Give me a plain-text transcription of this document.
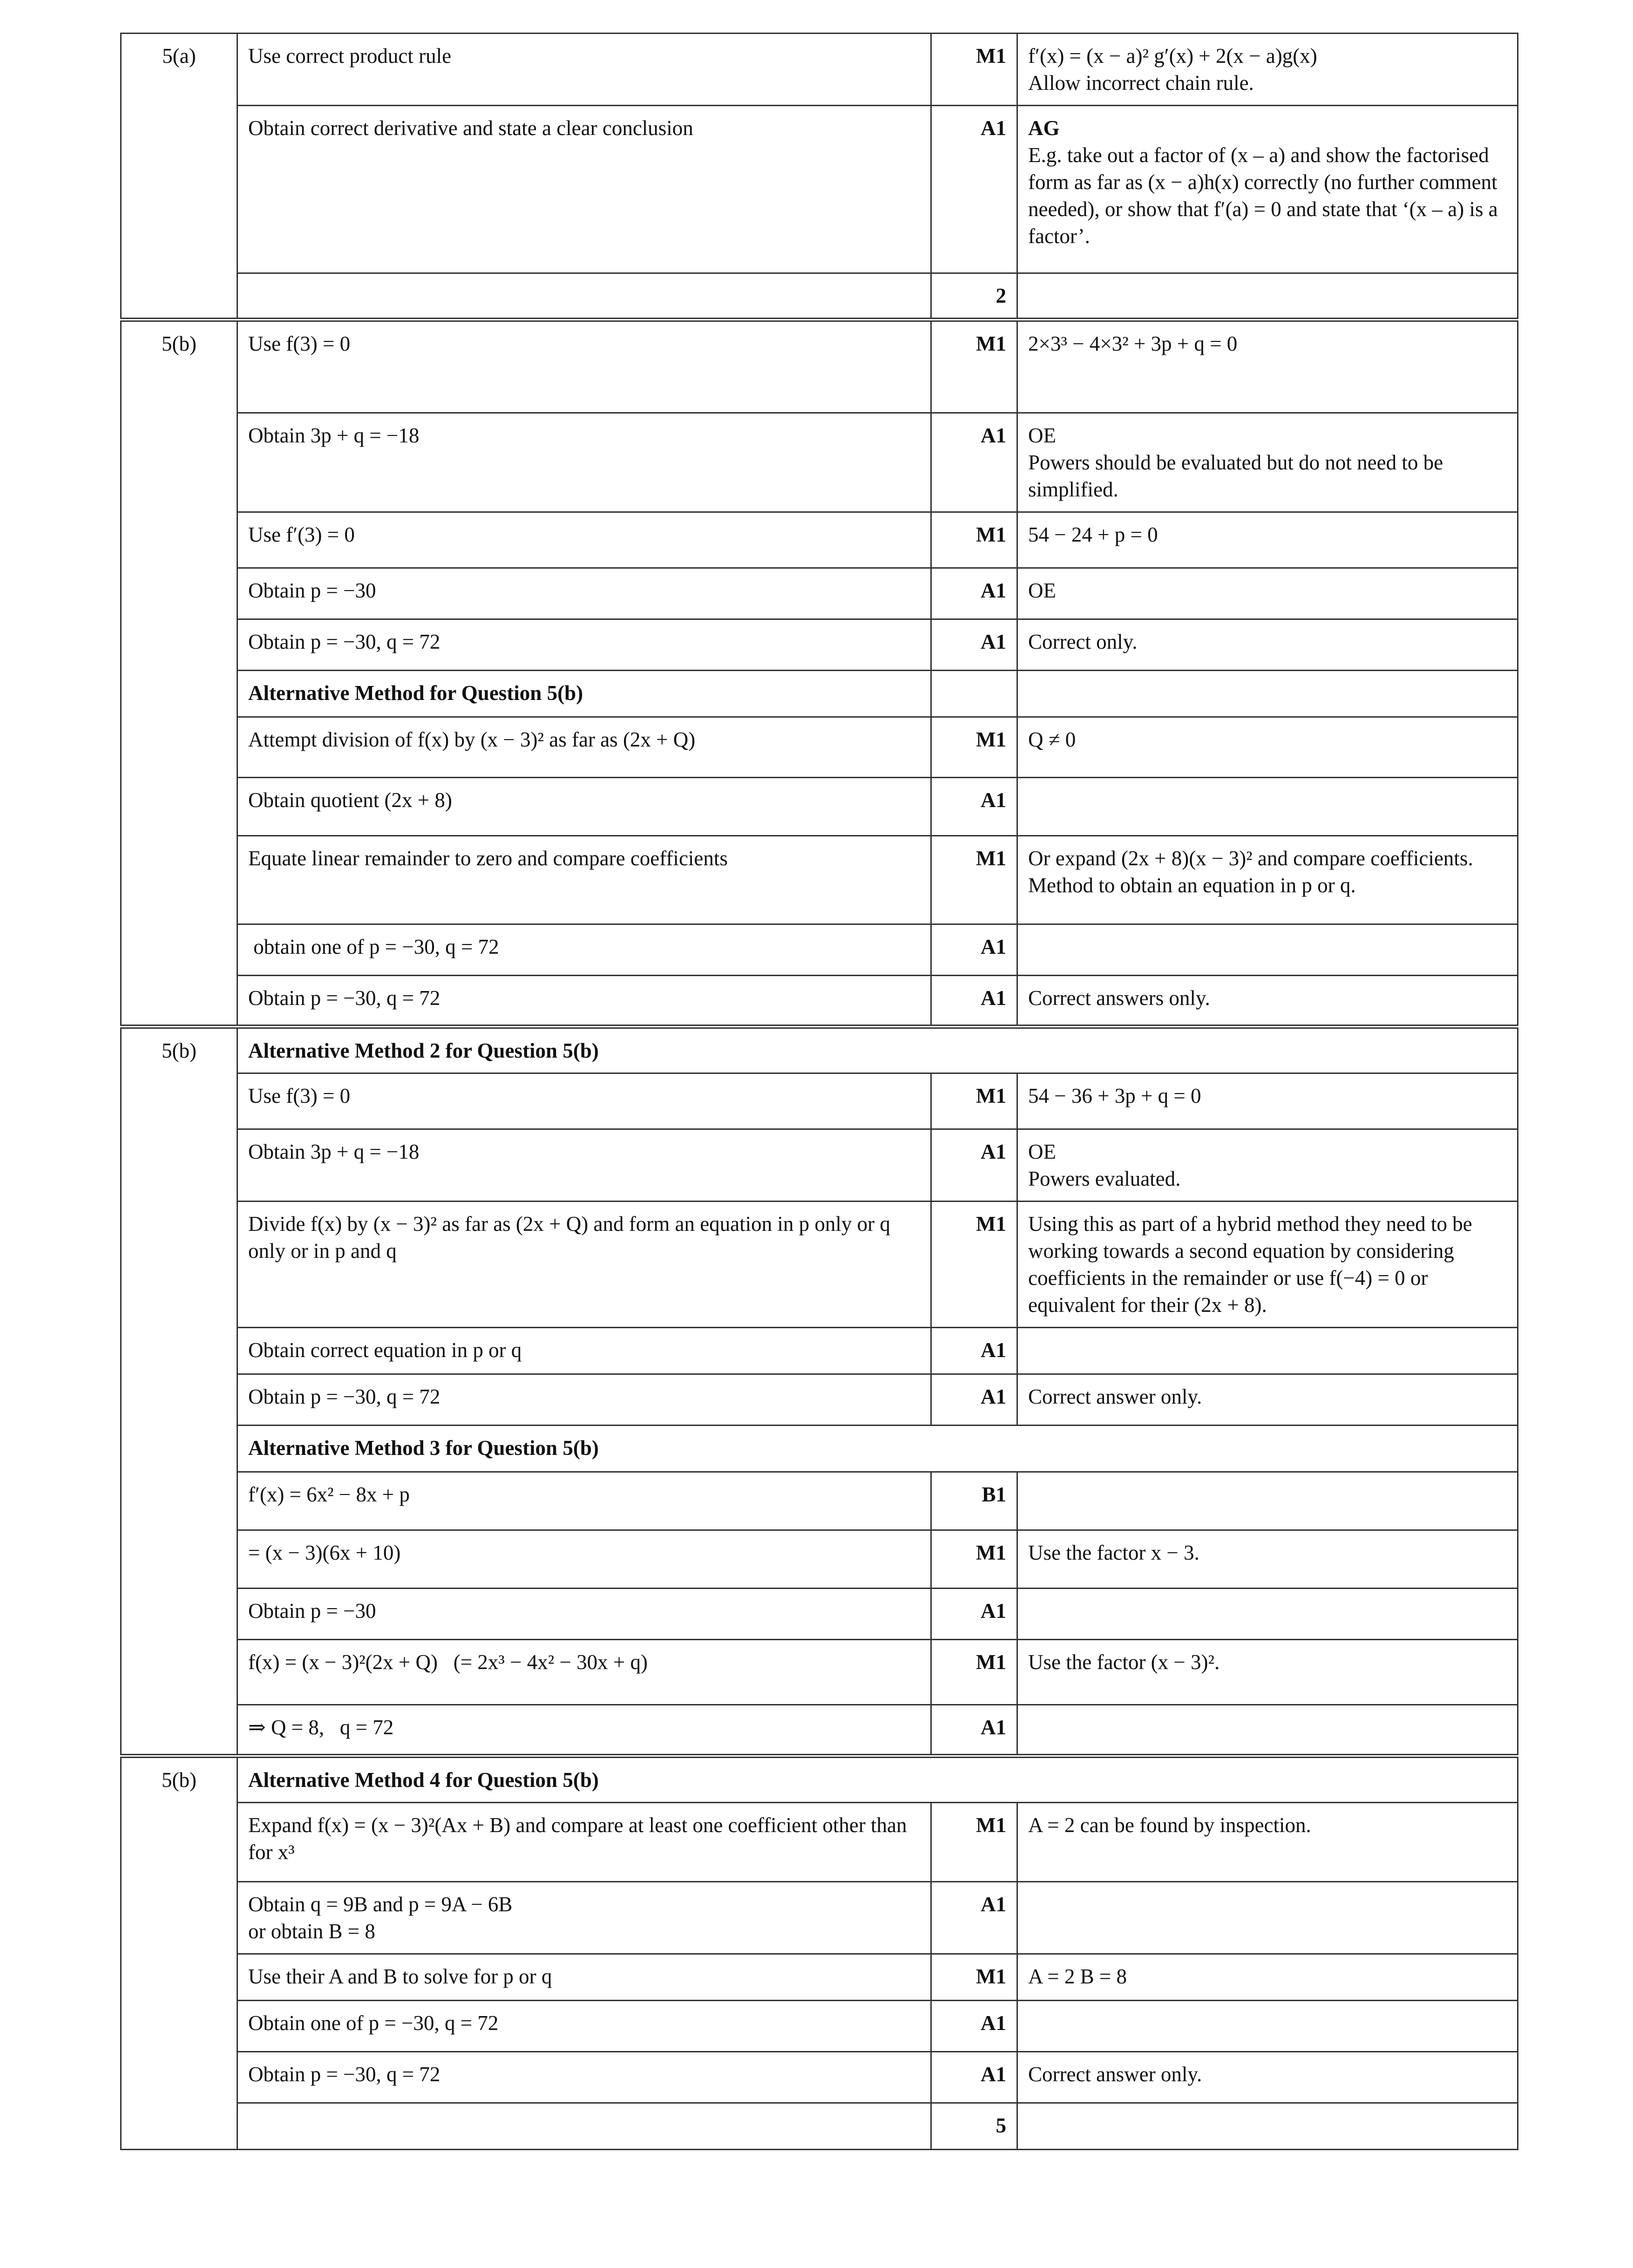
5(a)	Use correct product rule	M1	f′(x) = (x − a)² g′(x) + 2(x − a)g(x)
Allow incorrect chain rule.

	Obtain correct derivative and state a clear conclusion	A1	AG
E.g. take out a factor of (x – a) and show the factorised form as far as (x − a)h(x) correctly (no further comment needed), or show that f′(a) = 0 and state that ‘(x – a) is a factor’.

		2	

5(b)	Use f(3) = 0	M1	2×3³ − 4×3² + 3p + q = 0

	Obtain 3p + q = −18	A1	OE
Powers should be evaluated but do not need to be simplified.

	Use f′(3) = 0	M1	54 − 24 + p = 0

	Obtain p = −30	A1	OE

	Obtain p = −30, q = 72	A1	Correct only.

	Alternative Method for Question 5(b)		

	Attempt division of f(x) by (x − 3)² as far as (2x + Q)	M1	Q ≠ 0

	Obtain quotient (2x + 8)	A1	

	Equate linear remainder to zero and compare coefficients	M1	Or expand (2x + 8)(x − 3)² and compare coefficients.
Method to obtain an equation in p or q.

	obtain one of p = −30, q = 72	A1	

	Obtain p = −30, q = 72	A1	Correct answers only.

5(b)	Alternative Method 2 for Question 5(b)		
	Use f(3) = 0	M1	54 − 36 + 3p + q = 0

	Obtain 3p + q = −18	A1	OE
Powers evaluated.

	Divide f(x) by (x − 3)² as far as (2x + Q) and form an equation in p only or q only or in p and q	M1	Using this as part of a hybrid method they need to be working towards a second equation by considering coefficients in the remainder or use f(−4) = 0 or equivalent for their (2x + 8).

	Obtain correct equation in p or q	A1	

	Obtain p = −30, q = 72	A1	Correct answer only.

	Alternative Method 3 for Question 5(b)		
	f′(x) = 6x² − 8x + p	B1	

	= (x − 3)(6x + 10)	M1	Use the factor x − 3.

	Obtain p = −30	A1	

	f(x) = (x − 3)²(2x + Q)   (= 2x³ − 4x² − 30x + q)	M1	Use the factor (x − 3)².

	⇒ Q = 8,   q = 72	A1	

5(b)	Alternative Method 4 for Question 5(b)		
	Expand f(x) = (x − 3)²(Ax + B) and compare at least one coefficient other than for x³	M1	A = 2 can be found by inspection.

	Obtain q = 9B and p = 9A − 6B
or obtain B = 8	A1	

	Use their A and B to solve for p or q	M1	A = 2 B = 8

	Obtain one of p = −30, q = 72	A1	

	Obtain p = −30, q = 72	A1	Correct answer only.

		5	
